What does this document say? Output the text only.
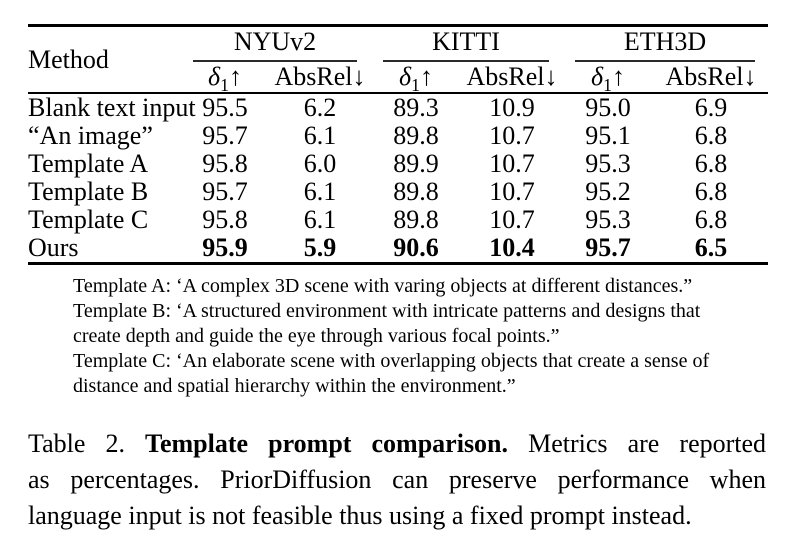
Method	NYUv2		KITTI		ETH3D	

	$\delta_1↑$	AbsRel↓	$\delta_1↑$	AbsRel↓	$\delta_1↑$	AbsRel↓
Blank text input	95.5	6.2	89.3	10.9	95.0	6.9
“An image”	95.7	6.1	89.8	10.7	95.1	6.8
Template A	95.8	6.0	89.9	10.7	95.3	6.8
Template B	95.7	6.1	89.8	10.7	95.2	6.8
Template C	95.8	6.1	89.8	10.7	95.3	6.8
Ours	95.9	5.9	90.6	10.4	95.7	6.5
Template A: ‘A complex 3D scene with varing objects at different distances.”
Template B: ‘A structured environment with intricate patterns and designs that
create depth and guide the eye through various focal points.”
Template C: ‘An elaborate scene with overlapping objects that create a sense of
distance and spatial hierarchy within the environment.”
Table 2. Template prompt comparison. Metrics are reported
as percentages. PriorDiffusion can preserve performance when
language input is not feasible thus using a fixed prompt instead.
